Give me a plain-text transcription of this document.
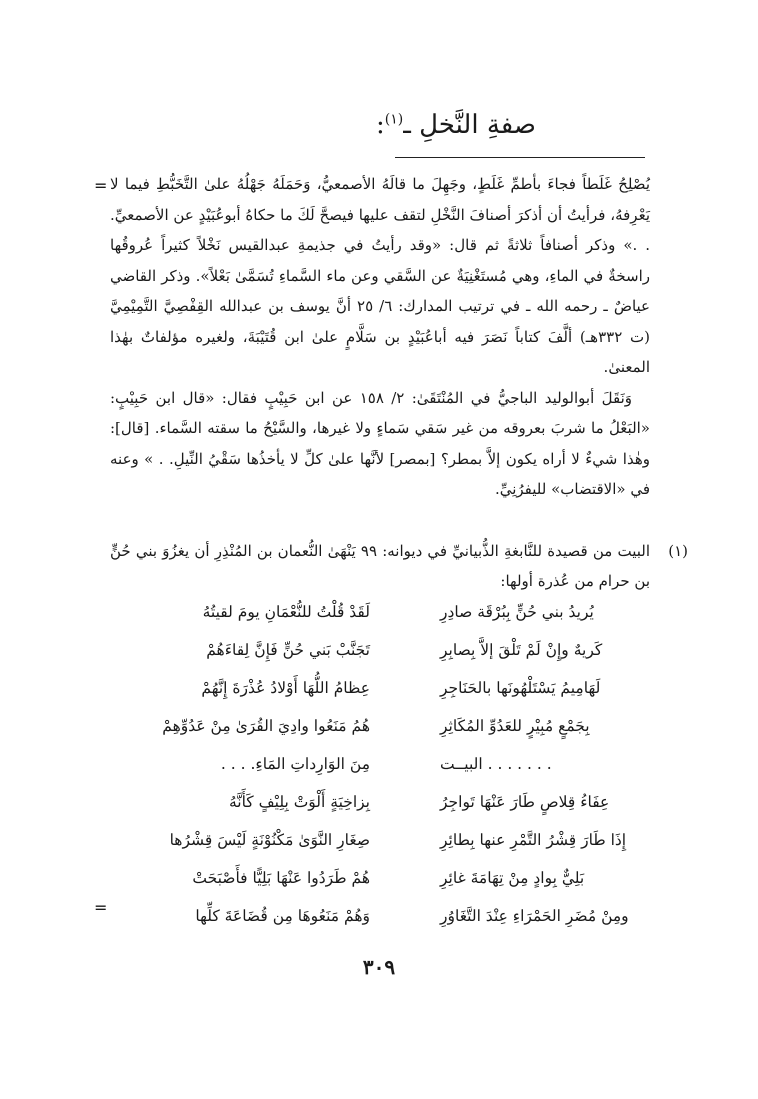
صفةِ النَّخلِ ـ$^{(١)}$:
= يُصْلِحُ غَلَطاً فجاءَ بأطمِّ غَلَطٍ، وجَهِلَ ما قالَهُ الأصمعيُّ، وَحَمَلَهُ جَهْلُهُ علىٰ التَّخَبُّطِ فيما لا يَعْرِفهُ، فرأيتُ أن أذكرَ أصنافَ النَّخْلِ لتقف عليها فيصحَّ لَكَ ما حكاهُ أبوعُبَيْدٍ عن الأصمعيِّ. . .» وذكر أصنافاً ثلاثةً ثم قال: «وقد رأيتُ في جذيمةِ عبدالقيس نَخْلاً كثيراً عُروقُها راسخةٌ في الماءِ، وهي مُستَغْنِيَةٌ عن السَّقي وعن ماء السَّماءِ تُسَمَّىٰ بَعْلاً». وذكر القاضي عياضٌ ـ رحمه الله ـ في ترتيب المدارك: ٦/ ٢٥ أنَّ يوسف بن عبدالله القِفْصِيَّ التَّمِيْمِيَّ (ت ٣٣٢هـ) ألَّفَ كتاباً نَصَرَ فيه أباعُبَيْدٍ بن سَلَّامٍ علىٰ ابن قُتَيْبَةَ، ولغيره مؤلفاتٌ بهٰذا المعنىٰ.

وَنَقَلَ أبوالوليد الباجيُّ في المُنْتَقَىٰ: ٢/ ١٥٨ عن ابن حَبِيْبٍ فقال: «قال ابن حَبِيْبٍ: «البَعْلُ ما شربَ بعروقه من غير سَقي سَماءٍ ولا غيرها، والسَّيْحُ ما سقته السَّماء. [قال]: وهٰذا شيءٌ لا أراه يكون إلاَّ بمطر؟ [بمصر] لأنَّها علىٰ كلِّ لا يأخذُها سَقْيُ النِّيلِ. . » وعنه في «الاقتضاب» لليفرُنِيِّ.

(١)
البيت من قصيدة للنَّابغةِ الذُّبيانيِّ في ديوانه: ٩٩ يَنْهَىٰ النُّعمان بن المُنْذِرِ أن يغزُوَ بني حُنٍّ بن حرام من عُذرة أولها:
لَقَدْ قُلْتُ للنُّعْمَانِ يومَ لقيتُهُ	يُريدُ بني حُنٍّ بِبُرْقَة صادِرِ
تَجَنَّبْ بَني حُنٍّ فَإِنَّ لِقاءَهُمْ	كَريهٌ وإِنْ لَمْ تَلْقَ إلاَّ بِصابِرِ
عِظامُ اللُّهَا أَوْلادُ عُذْرَةَ إِنَّهُمْ	لَهَامِيمُ يَسْتَلْهُونَها بالحَنَاجِرِ
هُمُ مَنَعُوا وادِيَ القُرَىٰ مِنْ عَدُوِّهِمْ	بِجَمْعٍ مُبِيْرٍ للعَدُوِّ المُكَاثِرِ
مِنَ الوَارِداتِ المَاءِ. . . .	. . . . . . . البيــت
بِزاخِيَةٍ أَلْوَتْ بِلِيْفٍ كَأَنَّهُ	عِفَاءُ قِلاصٍ طَارَ عَنْهَا تَواجِرُ
صِغَارِ النَّوَىٰ مَكْنُوْنَةٍ لَيْسَ قِشْرُها	إِذَا طَارَ قِشْرُ التَّمْرِ عنها بِطائِرِ
هُمْ طَرَدُوا عَنْهَا بَلِيًّا فأَصْبَحَتْ	بَلِيٌّ بِوادٍ مِنْ تِهَامَةَ غائِرِ
وَهُمْ مَنَعُوهَا مِن قُضَاعَةَ كلِّها	ومِنْ مُضَرِ الحَمْرَاءِ عِنْدَ التَّغَاوُرِ
=
٣٠٩
